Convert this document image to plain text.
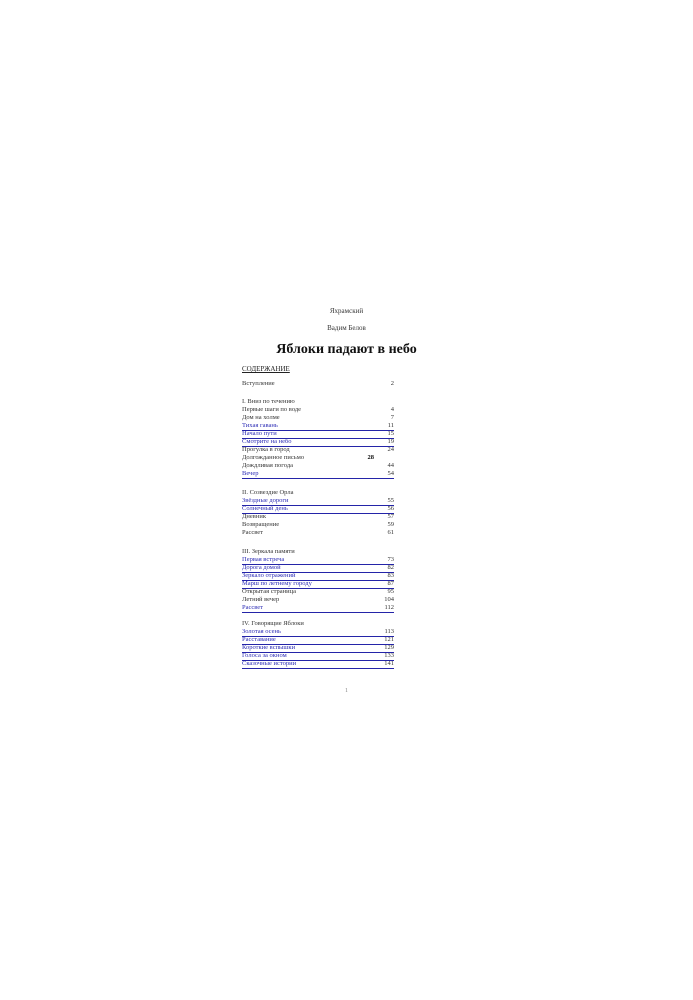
Яхрамский
Вадим Белов
Яблоки падают в небо
СОДЕРЖАНИЕ
Вступление	2
I. Вниз по течению
Первые шаги по воде	4
Дом на холме	7
Тихая гавань	11
Начало пути	15
Смотрите на небо	19
Прогулка в город	24
Долгожданное письмо	28
Дождливая погода	44
Вечер	54
II. Созвездие Орла
Звёздные дороги	55
Солнечный день	56
Дневник	57
Возвращение	59
Рассвет	61
III. Зеркала памяти
Первая встреча	73
Дорога домой	82
Зеркало отражений	83
Марш по летнему городу	87
Открытая страница	95
Летний вечер	104
Рассвет	112
IV. Говорящие Яблоки
Золотая осень	113
Расставание	121
Короткие вспышки	129
Голоса за окном	133
Сказочные истории	141
1
